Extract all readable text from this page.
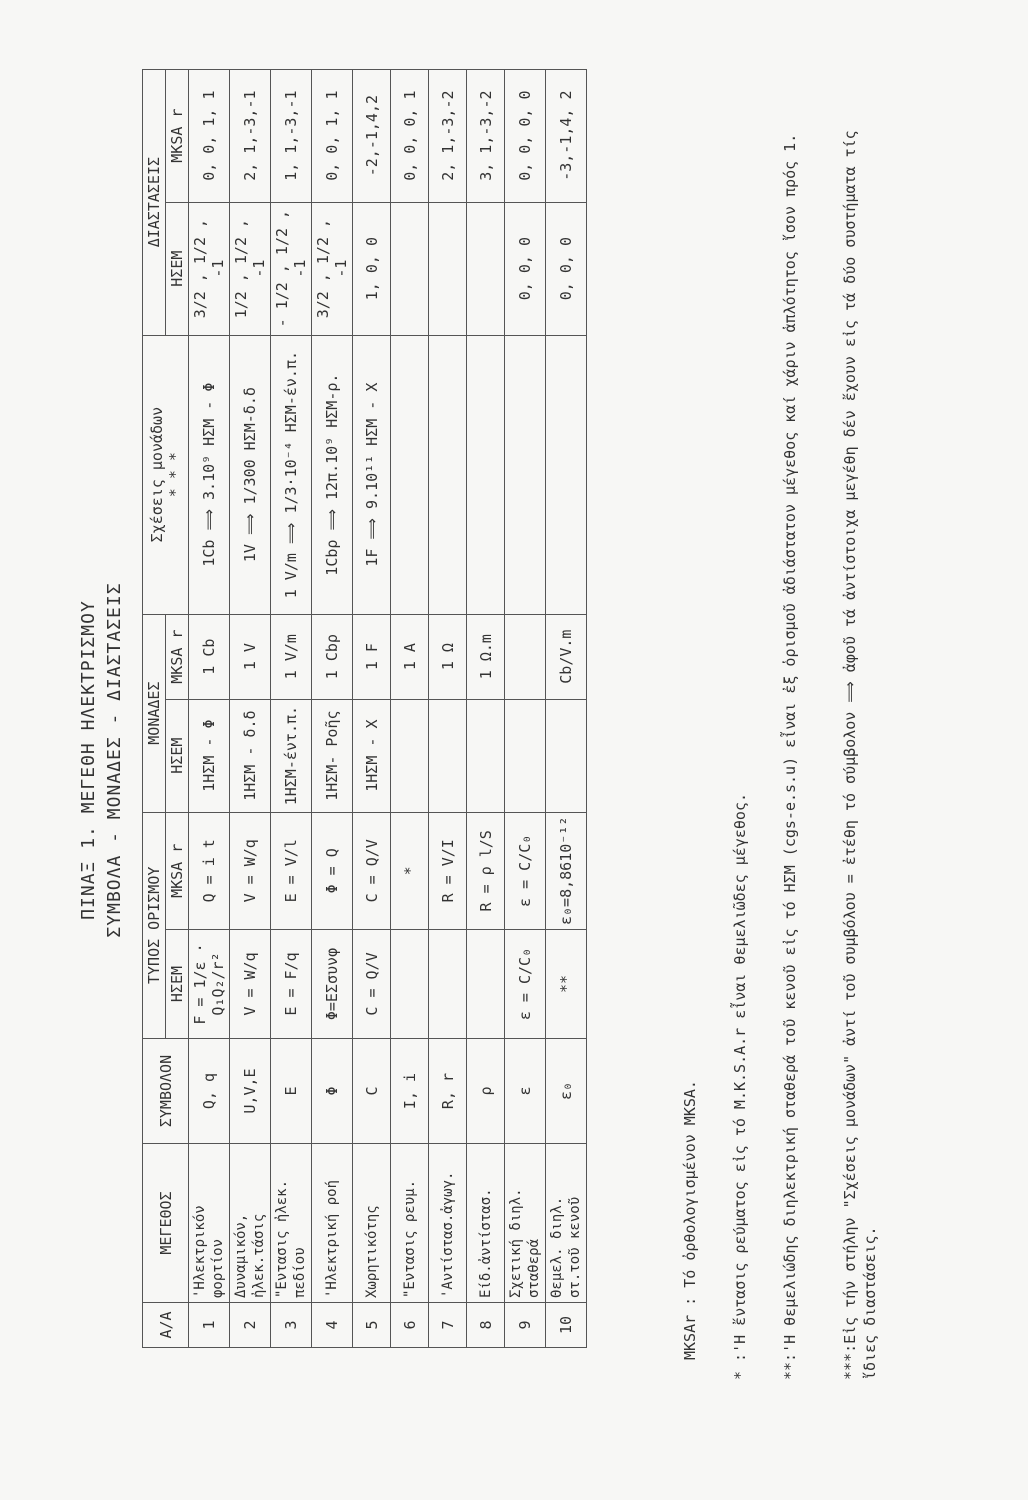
ΠΙΝΑΞ 1. ΜΕΓΕΘΗ ΗΛΕΚΤΡΙΣΜΟΥ ΣΥΜΒΟΛΑ - ΜΟΝΑΔΕΣ - ΔΙΑΣΤΑΣΕΙΣ
Α/Α	ΜΕΓΕΘΟΣ	ΣΥΜΒΟΛΟΝ	ΤΥΠΟΣ ΟΡΙΣΜΟΥ		ΜΟΝΑΔΕΣ		Σχέσεις μονάδων * * *	ΔΙΑΣΤΑΣΕΙΣ	
			ΗΣΕΜ	MKSA r	ΗΣΕΜ	MKSA r		ΗΣΕΜ	MKSA r
1	'Ηλεκτρικόν φορτίον	Q, q	F = 1/ε · Q₁Q₂/r²	Q = i t	1ΗΣΜ - Φ	1 Cb	1Cb ⟹ 3.10⁹ ΗΣΜ - Φ	3/2 , 1/2 , -1	0, 0, 1, 1
2	Δυναμικόν, ἠλεκ.τάσις	U,V,E	V = W/q	V = W/q	1ΗΣΜ - δ.δ	1 V	1V ⟹ 1/300 ΗΣΜ-δ.δ	1/2 , 1/2 , -1	2, 1,-3,-1
3	"Εντασις ἠλεκ. πεδίου	E	E = F/q	E = V/l	1ΗΣΜ-έντ.π.	1 V/m	1 V/m ⟹ 1/3·10⁻⁴ ΗΣΜ-έν.π.	- 1/2 , 1/2 , -1	1, 1,-3,-1
4	'Ηλεκτρική ροή	Φ	Φ=ΕΣσυνφ	Φ = Q	1ΗΣΜ- Ροῆς	1 Cbρ	1Cbρ ⟹ 12π.10⁹ ΗΣΜ-ρ.	3/2 , 1/2 , -1	0, 0, 1, 1
5	Χωρητικότης	C	C = Q/V	C = Q/V	1ΗΣΜ - Χ	1 F	1F ⟹ 9.10¹¹ ΗΣΜ - Χ	1, 0, 0	-2,-1,4,2
6	"Εντασις ρευμ.	I, i		*		1 A			0, 0, 0, 1
7	'Αντίστασ.ἀγωγ.	R, r		R = V/I		1 Ω			2, 1,-3,-2
8	Είδ.ἀντίστασ.	ρ		R = ρ l/S		1 Ω.m			3, 1,-3,-2
9	Σχετική διηλ. σταθερά	ε	ε = C/C₀	ε = C/C₀				0, 0, 0	0, 0, 0, 0
10	Θεμελ. διηλ. στ.τοῦ κενοῦ	ε₀	**	ε₀=8,8610⁻¹²		Cb/V.m		0, 0, 0	-3,-1,4, 2
MKSAr : Τό ὀρθολογισμένον MKSA. * :'Η ἔντασις ρεύματος εἰς τό M.K.S.A.r εἶναι θεμελιῶδες μέγεθος. **:'Η θεμελιώδης διηλεκτρική σταθερά τοῦ κενοῦ εἰς τό ΗΣΜ (cgs-e.s.u) εἶναι ἐξ ὁρισμοῦ ἀδιάστατον μέγεθος καί χάριν ἁπλότητος ἴσον πρός 1.	***:Εἰς τήν στήλην "Σχέσεις μονάδων" ἀντί τοῦ συμβόλου = ἐτέθη τό σύμβολον ⟹ ἀφοῦ τά ἀντίστοιχα μεγέθη δέν ἔχουν εἰς τά δύο συστήματα τίς ἴδιες διαστάσεις.
